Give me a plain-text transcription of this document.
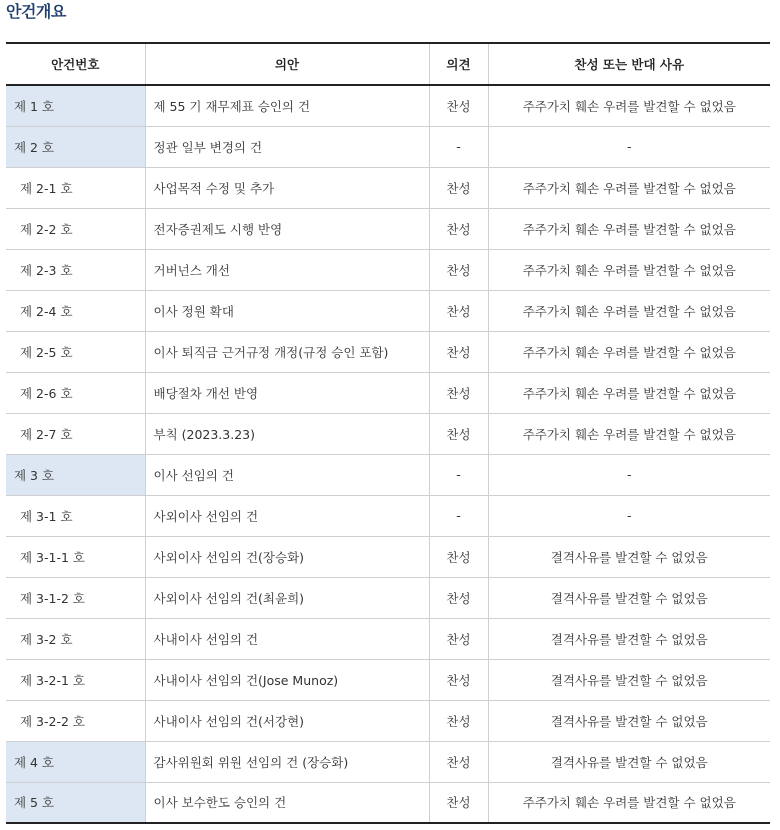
안건개요
안건번호	의안	의견	찬성 또는 반대 사유
제 1 호	제 55 기 재무제표 승인의 건	찬성	주주가치 훼손 우려를 발견할 수 없었음
제 2 호	정관 일부 변경의 건	-	-
제 2-1 호	사업목적 수정 및 추가	찬성	주주가치 훼손 우려를 발견할 수 없었음
제 2-2 호	전자증권제도 시행 반영	찬성	주주가치 훼손 우려를 발견할 수 없었음
제 2-3 호	거버넌스 개선	찬성	주주가치 훼손 우려를 발견할 수 없었음
제 2-4 호	이사 정원 확대	찬성	주주가치 훼손 우려를 발견할 수 없었음
제 2-5 호	이사 퇴직금 근거규정 개정(규정 승인 포함)	찬성	주주가치 훼손 우려를 발견할 수 없었음
제 2-6 호	배당절차 개선 반영	찬성	주주가치 훼손 우려를 발견할 수 없었음
제 2-7 호	부칙 (2023.3.23)	찬성	주주가치 훼손 우려를 발견할 수 없었음
제 3 호	이사 선임의 건	-	-
제 3-1 호	사외이사 선임의 건	-	-
제 3-1-1 호	사외이사 선임의 건(장승화)	찬성	결격사유를 발견할 수 없었음
제 3-1-2 호	사외이사 선임의 건(최윤희)	찬성	결격사유를 발견할 수 없었음
제 3-2 호	사내이사 선임의 건	찬성	결격사유를 발견할 수 없었음
제 3-2-1 호	사내이사 선임의 건(Jose Munoz)	찬성	결격사유를 발견할 수 없었음
제 3-2-2 호	사내이사 선임의 건(서강현)	찬성	결격사유를 발견할 수 없었음
제 4 호	감사위원회 위원 선임의 건 (장승화)	찬성	결격사유를 발견할 수 없었음
제 5 호	이사 보수한도 승인의 건	찬성	주주가치 훼손 우려를 발견할 수 없었음
